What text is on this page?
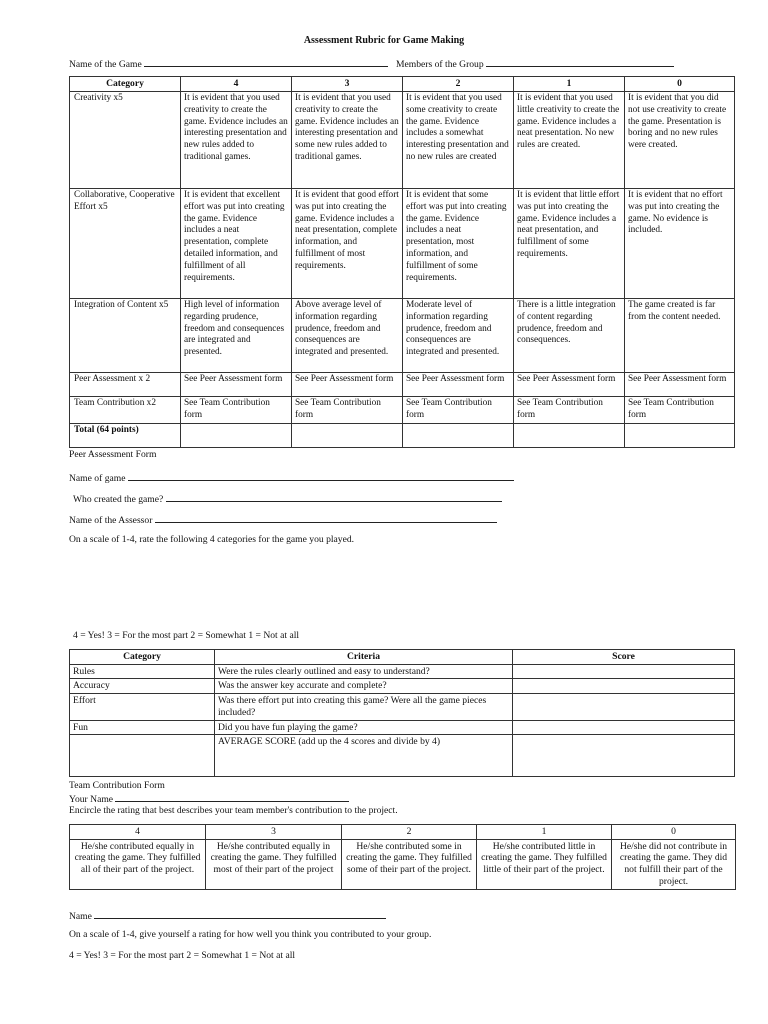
Assessment Rubric for Game Making
Name of the Game	Members of the Group
Category	4	3	2	1	0
Creativity x5	It is evident that you used creativity to create the game. Evidence includes an interesting presentation and new rules added to traditional games.	It is evident that you used creativity to create the game. Evidence includes an interesting presentation and some new rules added to traditional games.	It is evident that you used some creativity to create the game. Evidence includes a somewhat interesting presentation and no new rules are created	It is evident that you used little creativity to create the game. Evidence includes a neat presentation. No new rules are created.	It is evident that you did not use creativity to create the game. Presentation is boring and no new rules were created.
Collaborative, Cooperative Effort x5	It is evident that excellent effort was put into creating the game. Evidence includes a neat presentation, complete detailed information, and fulfillment of all requirements.	It is evident that good effort was put into creating the game. Evidence includes a neat presentation, complete information, and fulfillment of most requirements.	It is evident that some effort was put into creating the game. Evidence includes a neat presentation, most information, and fulfillment of some requirements.	It is evident that little effort was put into creating the game. Evidence includes a neat presentation, and fulfillment of some requirements.	It is evident that no effort was put into creating the game. No evidence is included.
Integration of Content x5	High level of information regarding prudence, freedom and consequences are integrated and presented.	Above average level of information regarding prudence, freedom and consequences are integrated and presented.	Moderate level of information regarding prudence, freedom and consequences are integrated and presented.	There is a little integration of content regarding prudence, freedom and consequences.	The game created is far from the content needed.
Peer Assessment x 2	See Peer Assessment form	See Peer Assessment form	See Peer Assessment form	See Peer Assessment form	See Peer Assessment form
Team Contribution x2	See Team Contribution form	See Team Contribution form	See Team Contribution form	See Team Contribution form	See Team Contribution form
Total (64 points)					
Peer Assessment Form
Name of game
Who created the game?
Name of the Assessor
On a scale of 1-4, rate the following 4 categories for the game you played.
4 = Yes! 3 = For the most part 2 = Somewhat 1 = Not at all
Category	Criteria	Score
Rules	Were the rules clearly outlined and easy to understand?	
Accuracy	Was the answer key accurate and complete?	
Effort	Was there effort put into creating this game? Were all the game pieces included?	
Fun	Did you have fun playing the game?	
	AVERAGE SCORE (add up the 4 scores and divide by 4)	
Team Contribution Form
Your Name
Encircle the rating that best describes your team member's contribution to the project.
4	3	2	1	0
He/she contributed equally in creating the game. They fulfilled all of their part of the project.	He/she contributed equally in creating the game. They fulfilled most of their part of the project	He/she contributed some in creating the game. They fulfilled some of their part of the project.	He/she contributed little in creating the game. They fulfilled little of their part of the project.	He/she did not contribute in creating the game. They did not fulfill their part of the project.
Name
On a scale of 1-4, give yourself a rating for how well you think you contributed to your group.
4 = Yes! 3 = For the most part 2 = Somewhat 1 = Not at all
